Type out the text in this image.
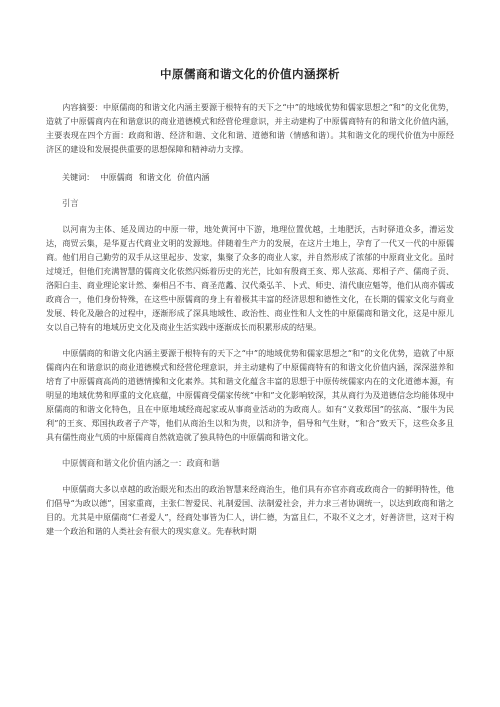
中原儒商和谐文化的价值内涵探析

内容摘要：中原儒商的和谐文化内涵主要源于根特有的天下之“中”的地域优势和儒家思想之“和”的文化优势，造就了中原儒商内在和谐意识的商业道德模式和经营伦理意识，并主动建构了中原儒商特有的和谐文化价值内涵，主要表现在四个方面：政商和谐、经济和谐、文化和谐、道德和谐（情感和谐）。其和谐文化的现代价值为中原经济区的建设和发展提供重要的思想保障和精神动力支撑。

关键词： 中原儒商 和谐文化 价值内涵

引言

以河南为主体、延及周边的中原一带，地处黄河中下游，地理位置优越，土地肥沃，古时驿道众多，漕运发达，商贸云集，是华夏古代商业文明的发源地。伴随着生产力的发展，在这片土地上，孕育了一代又一代的中原儒商。他们用自己勤劳的双手从这里起步、发家，集聚了众多的商业人家，并自然形成了浓郁的中原商业文化。虽时过境迁，但他们充满智慧的儒商文化依然闪烁着历史的光芒，比如有殷商王亥、郑人弦高、郑相子产、儒商子贡、洛阳白圭、商业理论家计然、秦相吕不韦、商圣范蠡、汉代桑弘羊、卜式、师史、清代康应魁等，他们从商亦儒或政商合一，他们身份特殊，在这些中原儒商的身上有着极其丰富的经济思想和德性文化，在长期的儒家文化与商业发展、转化及融合的过程中，逐渐形成了深具地域性、政治性、商业性和人文性的中原儒商和谐文化，这是中原儿女以自己特有的地域历史文化及商业生活实践中逐渐成长而积累形成的结果。

中原儒商的和谐文化内涵主要源于根特有的天下之“中”的地域优势和儒家思想之“和”的文化优势，造就了中原儒商内在和谐意识的商业道德模式和经营伦理意识，并主动建构了中原儒商特有的和谐文化价值内涵，深深滋养和培育了中原儒商高尚的道德情操和文化素养。其和谐文化蕴含丰富的思想于中原传统儒家内在的文化道德本源，有明显的地域优势和厚重的文化底蕴，中原儒商受儒家传统“中和”文化影响较深，其从商行为及道德信念均能体现中原儒商的和谐文化特色，且在中原地域经商起家或从事商业活动的为政商人。如有“义救郑国”的弦高、“服牛为民利”的王亥、郑国执政者子产等，他们从商治生以和为贵，以和济争，倡导和气生财，“和合”致天下，这些众多且具有儒性商业气质的中原儒商自然就造就了独具特色的中原儒商和谐文化。

中原儒商和谐文化价值内涵之一：政商和谐

中原儒商大多以卓越的政治眼光和杰出的政治智慧来经商治生，他们具有亦官亦商或政商合一的鲜明特性，他们倡导“为政以德”，国家重商，主张仁智爱民、礼制爱国、法制爱社会，并力求三者协调统一，以达到政商和谐之目的。尤其是中原儒商“仁者爱人”，经商处事皆为仁人，讲仁德，为富且仁，不取不义之才，好善济世，这对于构建一个政治和谐的人类社会有很大的现实意义。先春秋时期
